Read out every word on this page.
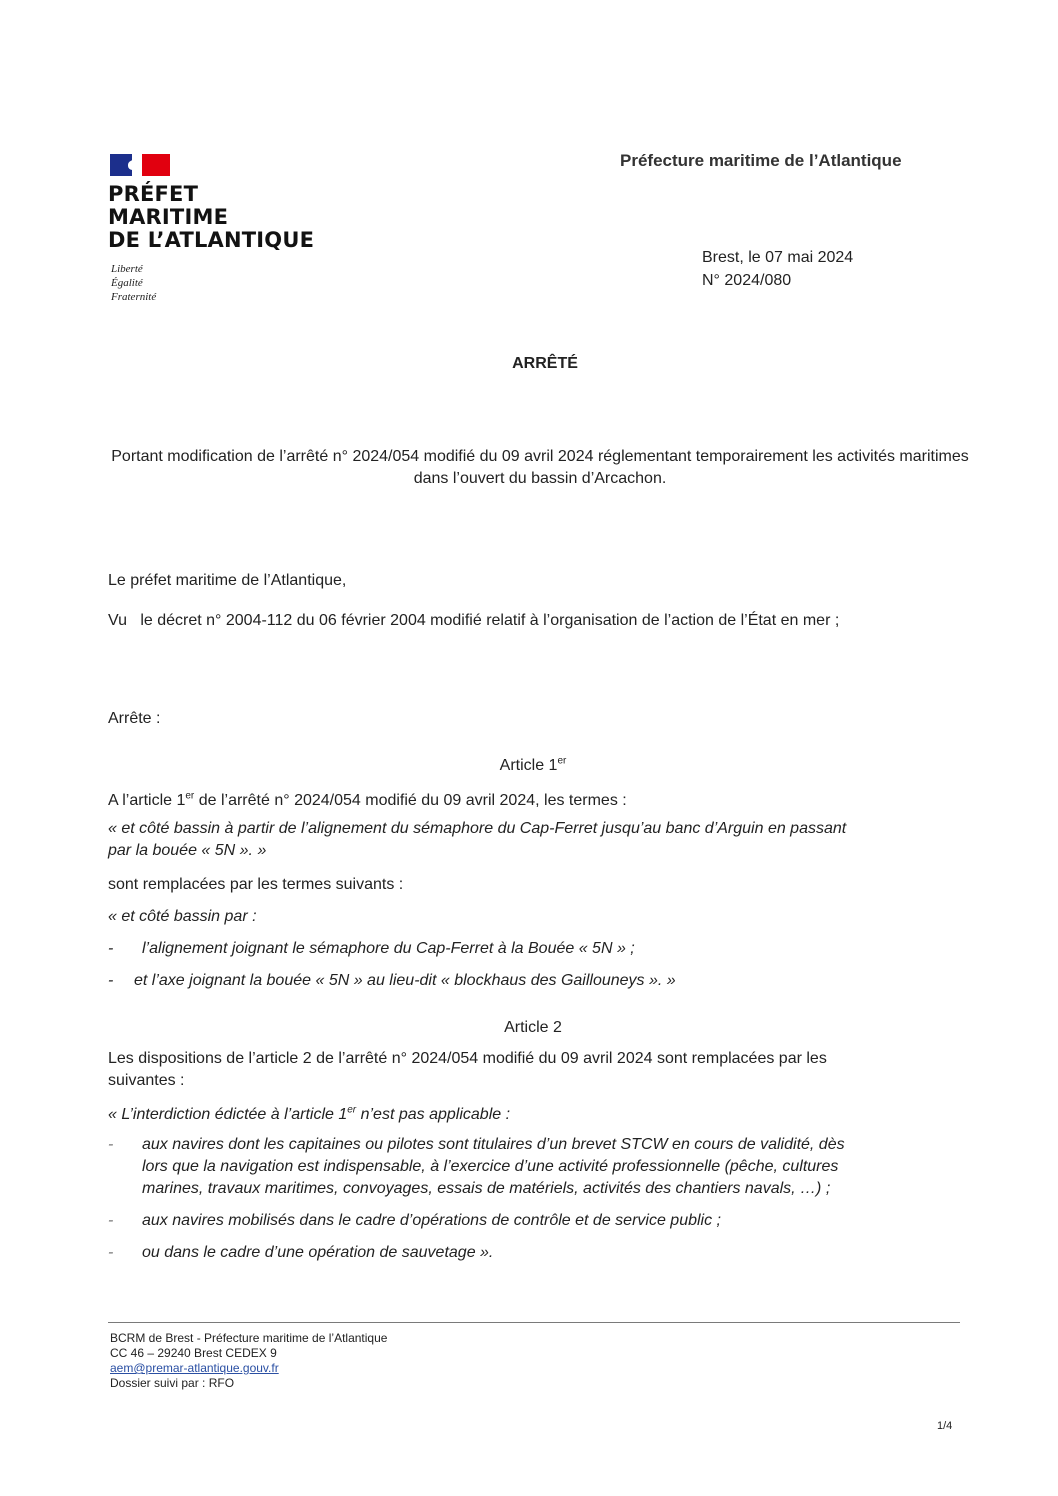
PRÉFET
MARITIME
DE L’ATLANTIQUE
Liberté
Égalité
Fraternité
Préfecture maritime de l’Atlantique
Brest, le 07 mai 2024
N° 2024/080
ARRÊTÉ
Portant modification de l’arrêté n° 2024/054 modifié du 09 avril 2024 réglementant temporairement les activités maritimes dans l’ouvert du bassin d’Arcachon.
Le préfet maritime de l’Atlantique,
Vu le décret n° 2004-112 du 06 février 2004 modifié relatif à l’organisation de l’action de l’État en mer ;
Arrête :
Article 1er
A l’article 1er de l’arrêté n° 2024/054 modifié du 09 avril 2024, les termes :
« et côté bassin à partir de l’alignement du sémaphore du Cap-Ferret jusqu’au banc d’Arguin en passant
par la bouée « 5N ». »
sont remplacées par les termes suivants :
« et côté bassin par :
-	l’alignement joignant le sémaphore du Cap-Ferret à la Bouée « 5N » ;
-	et l’axe joignant la bouée « 5N » au lieu-dit « blockhaus des Gaillouneys ». »
Article 2
Les dispositions de l’article 2 de l’arrêté n° 2024/054 modifié du 09 avril 2024 sont remplacées par les
suivantes :
« L’interdiction édictée à l’article 1er n’est pas applicable :
-	aux navires dont les capitaines ou pilotes sont titulaires d’un brevet STCW en cours de validité, dès
lors que la navigation est indispensable, à l’exercice d’une activité professionnelle (pêche, cultures
marines, travaux maritimes, convoyages, essais de matériels, activités des chantiers navals, …) ;
-	aux navires mobilisés dans le cadre d’opérations de contrôle et de service public ;
-	ou dans le cadre d’une opération de sauvetage ».
BCRM de Brest - Préfecture maritime de l’Atlantique
CC 46 – 29240 Brest CEDEX 9
aem@premar-atlantique.gouv.fr
Dossier suivi par : RFO
1/4
